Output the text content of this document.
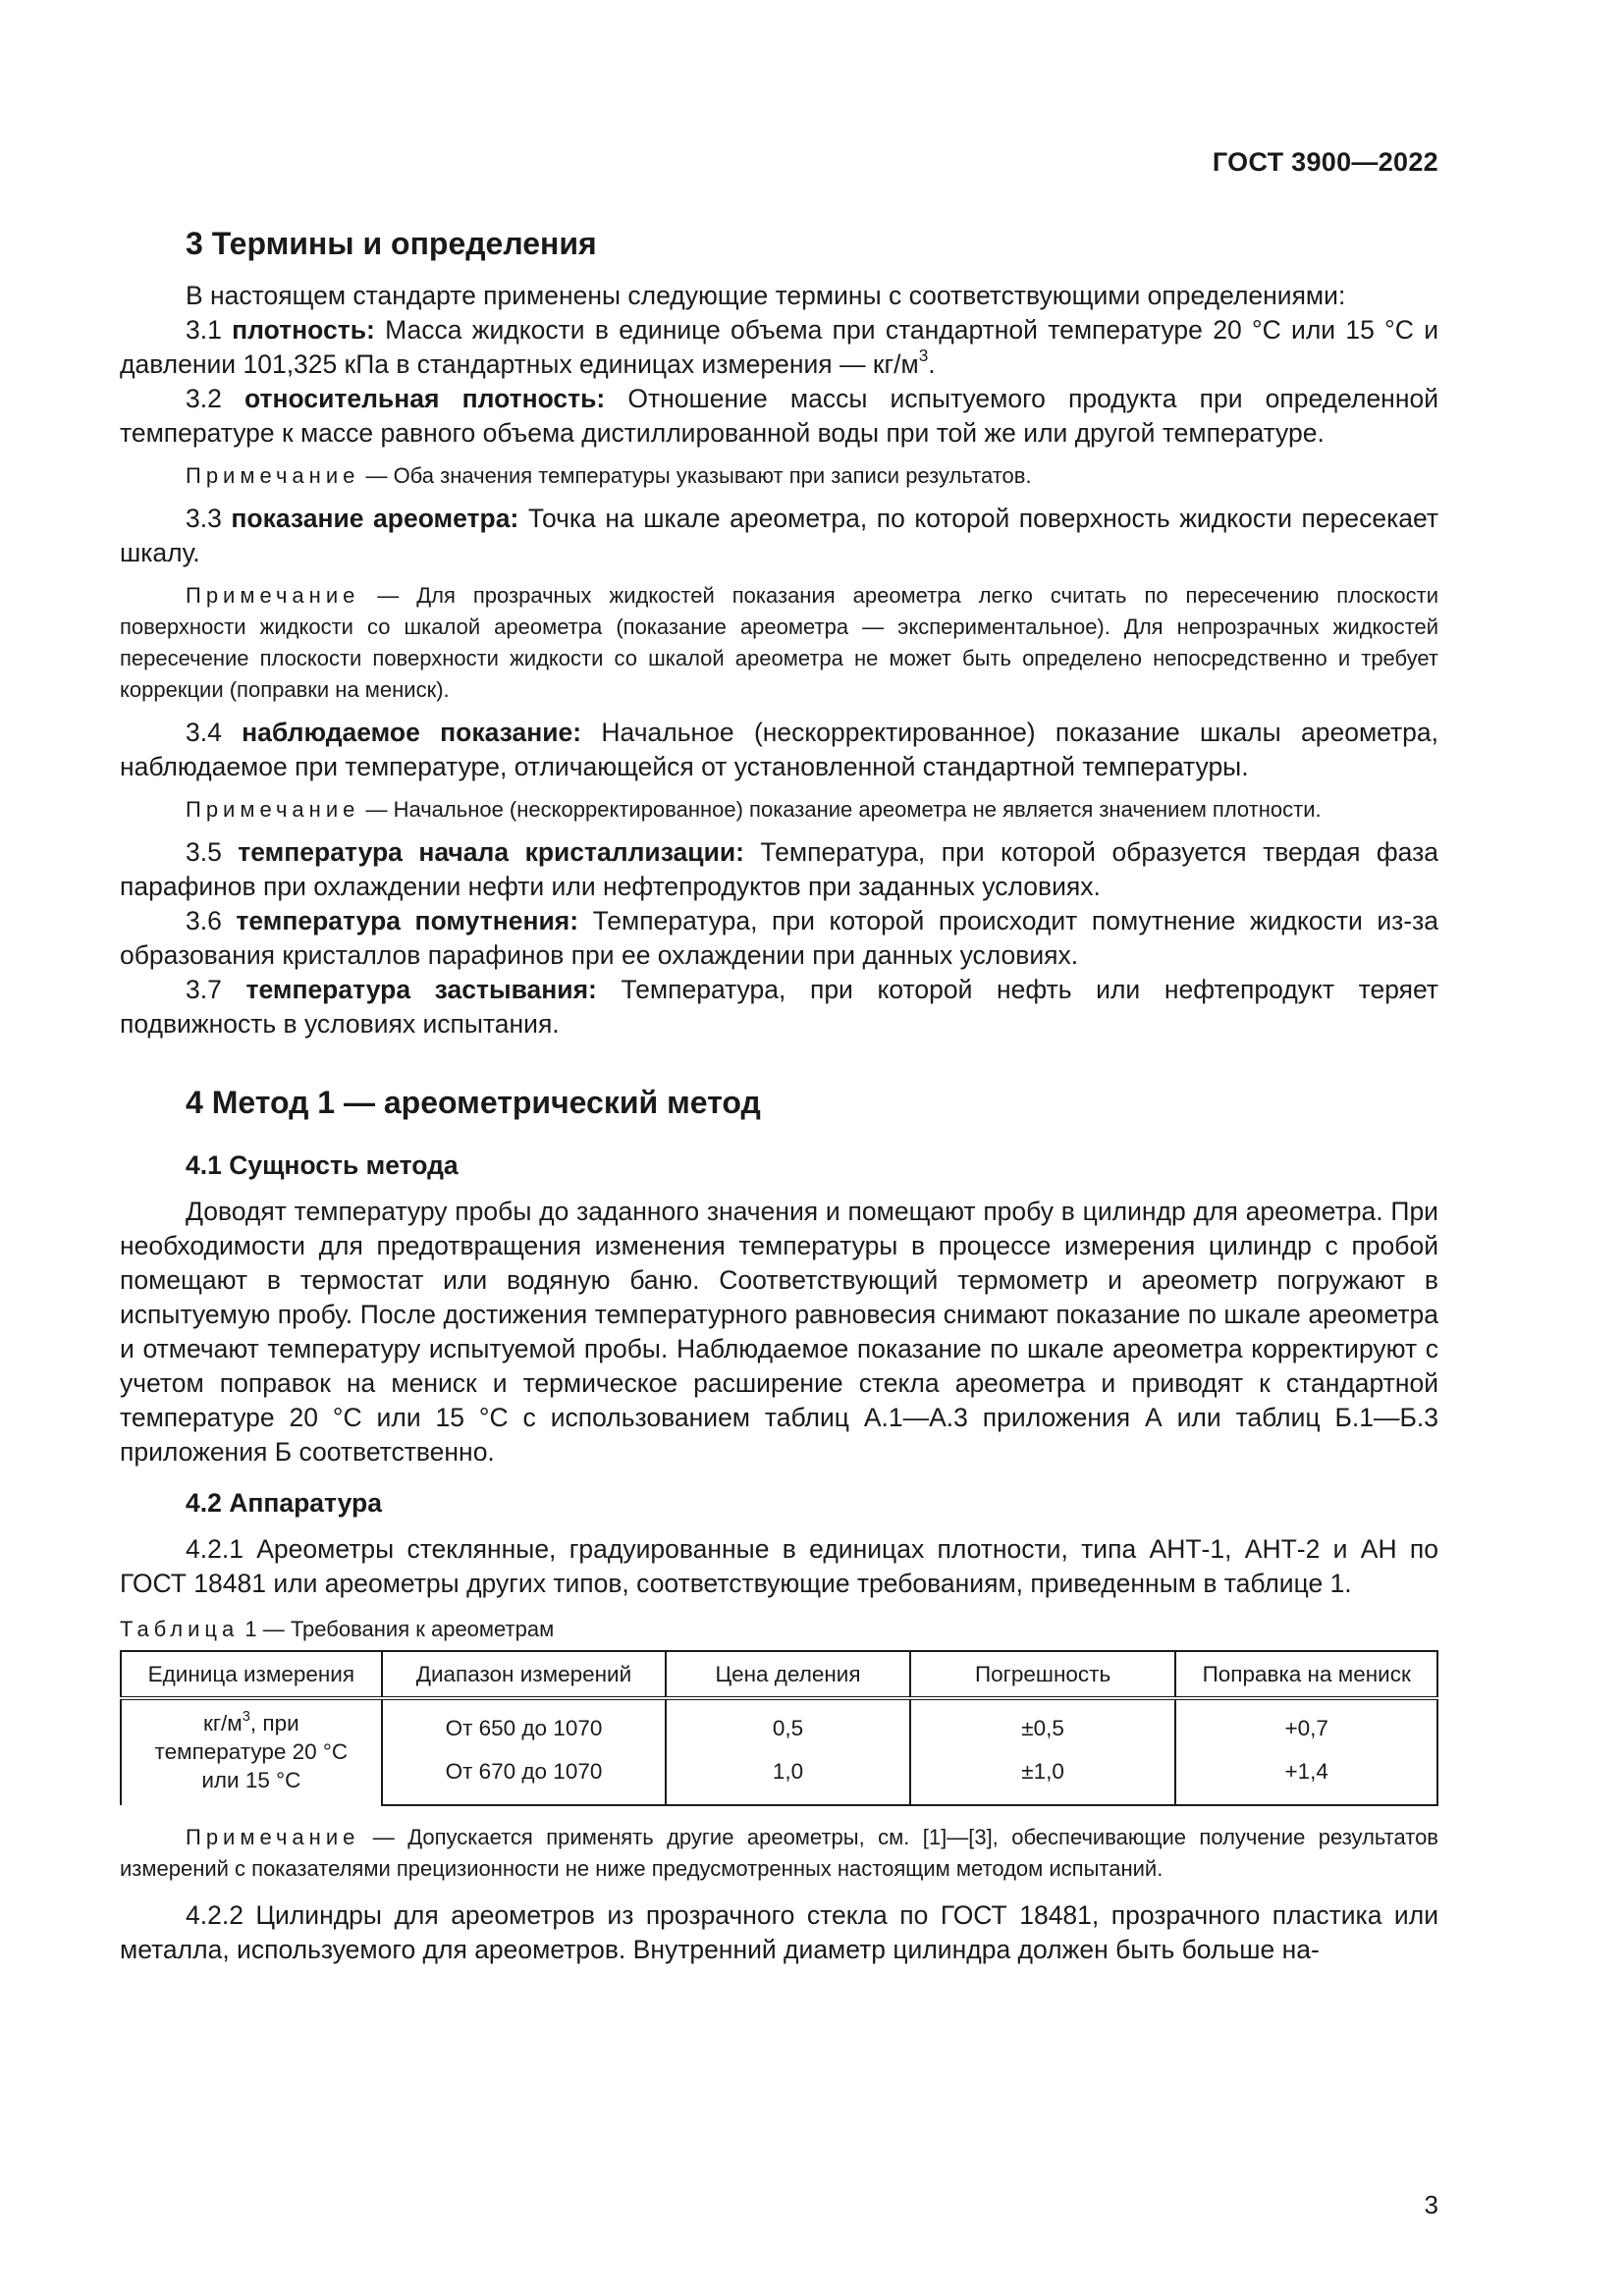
ГОСТ 3900—2022
3 Термины и определения

В настоящем стандарте применены следующие термины с соответствующими определениями:

3.1 плотность: Масса жидкости в единице объема при стандартной температуре 20 °С или 15 °С и давлении 101,325 кПа в стандартных единицах измерения — $кг/м^3$.

3.2 относительная плотность: Отношение массы испытуемого продукта при определенной температуре к массе равного объема дистиллированной воды при той же или другой температуре.

Примечание — Оба значения температуры указывают при записи результатов.

3.3 показание ареометра: Точка на шкале ареометра, по которой поверхность жидкости пересекает шкалу.

Примечание — Для прозрачных жидкостей показания ареометра легко считать по пересечению плоскости поверхности жидкости со шкалой ареометра (показание ареометра — экспериментальное). Для непрозрачных жидкостей пересечение плоскости поверхности жидкости со шкалой ареометра не может быть определено непосредственно и требует коррекции (поправки на мениск).

3.4 наблюдаемое показание: Начальное (нескорректированное) показание шкалы ареометра, наблюдаемое при температуре, отличающейся от установленной стандартной температуры.

Примечание — Начальное (нескорректированное) показание ареометра не является значением плотности.

3.5 температура начала кристаллизации: Температура, при которой образуется твердая фаза парафинов при охлаждении нефти или нефтепродуктов при заданных условиях.

3.6 температура помутнения: Температура, при которой происходит помутнение жидкости из-за образования кристаллов парафинов при ее охлаждении при данных условиях.

3.7 температура застывания: Температура, при которой нефть или нефтепродукт теряет подвижность в условиях испытания.

4 Метод 1 — ареометрический метод
4.1 Сущность метода

Доводят температуру пробы до заданного значения и помещают пробу в цилиндр для ареометра. При необходимости для предотвращения изменения температуры в процессе измерения цилиндр с пробой помещают в термостат или водяную баню. Соответствующий термометр и ареометр погружают в испытуемую пробу. После достижения температурного равновесия снимают показание по шкале ареометра и отмечают температуру испытуемой пробы. Наблюдаемое показание по шкале ареометра корректируют с учетом поправок на мениск и термическое расширение стекла ареометра и приводят к стандартной температуре 20 °С или 15 °С с использованием таблиц А.1—А.3 приложения А или таблиц Б.1—Б.3 приложения Б соответственно.

4.2 Аппаратура

4.2.1 Ареометры стеклянные, градуированные в единицах плотности, типа АНТ-1, АНТ-2 и АН по ГОСТ 18481 или ареометры других типов, соответствующие требованиям, приведенным в таблице 1.

Таблица 1 — Требования к ареометрам
Единица измерения	Диапазон измерений	Цена деления	Погрешность	Поправка на мениск
$кг/м^3$, при температуре 20 °С или 15 °С	От 650 до 1070	0,5	±0,5	+0,7
	От 670 до 1070	1,0	±1,0	+1,4

Примечание — Допускается применять другие ареометры, см. [1]—[3], обеспечивающие получение результатов измерений с показателями прецизионности не ниже предусмотренных настоящим методом испытаний.

4.2.2 Цилиндры для ареометров из прозрачного стекла по ГОСТ 18481, прозрачного пластика или металла, используемого для ареометров. Внутренний диаметр цилиндра должен быть больше на-

3
